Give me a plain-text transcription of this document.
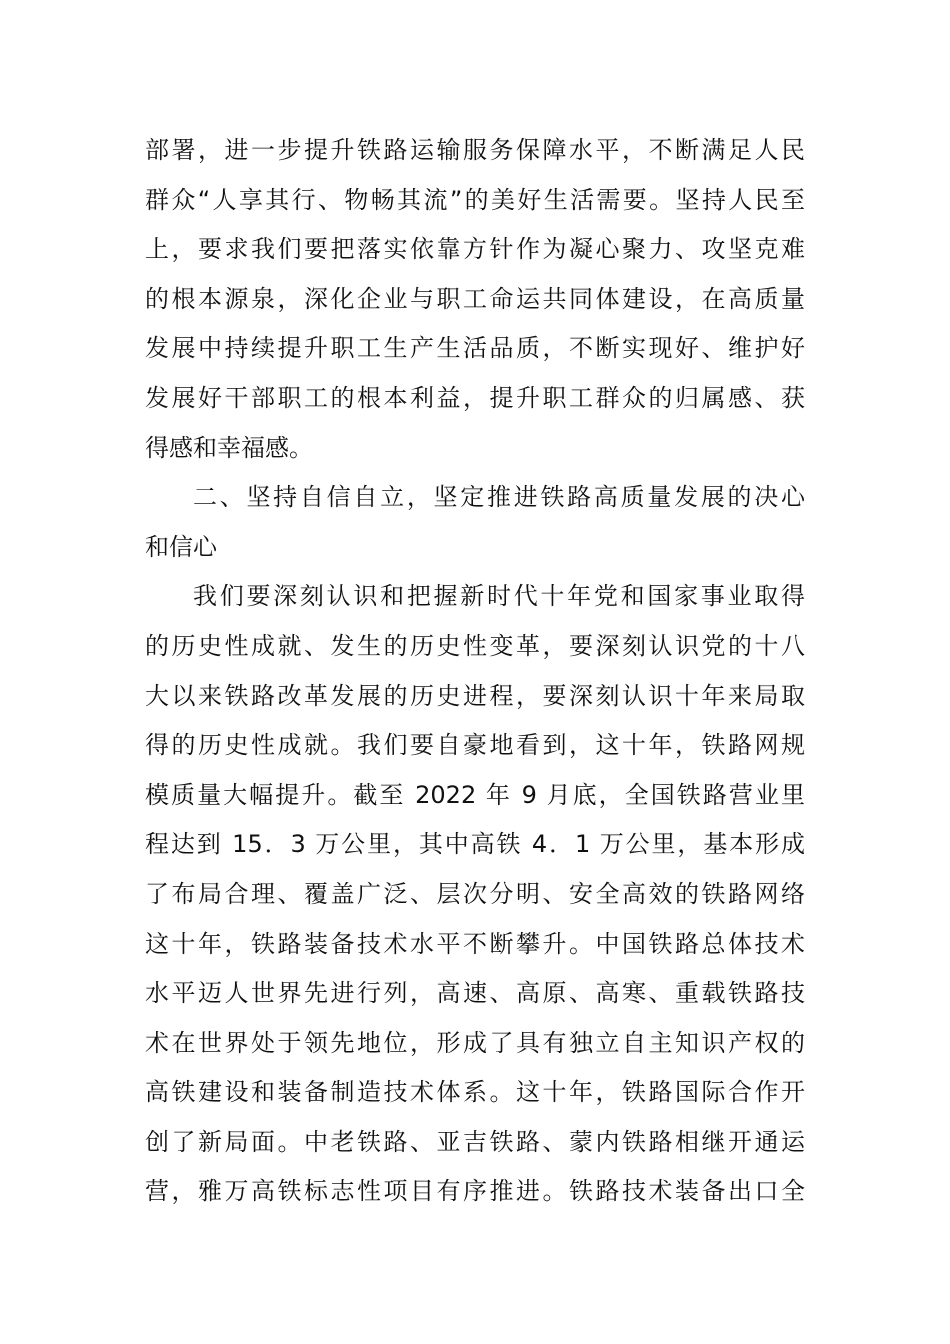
部署，进一步提升铁路运输服务保障水平，不断满足人民
群众“人享其行、物畅其流”的美好生活需要。坚持人民至
上，要求我们要把落实依靠方针作为凝心聚力、攻坚克难
的根本源泉，深化企业与职工命运共同体建设，在高质量
发展中持续提升职工生产生活品质，不断实现好、维护好
发展好干部职工的根本利益，提升职工群众的归属感、获
得感和幸福感。
二、坚持自信自立，坚定推进铁路高质量发展的决心
和信心
我们要深刻认识和把握新时代十年党和国家事业取得
的历史性成就、发生的历史性变革，要深刻认识党的十八
大以来铁路改革发展的历史进程，要深刻认识十年来局取
得的历史性成就。我们要自豪地看到，这十年，铁路网规
模质量大幅提升。截至 2022 年 9 月底，全国铁路营业里
程达到 15．3 万公里，其中高铁 4．1 万公里，基本形成
了布局合理、覆盖广泛、层次分明、安全高效的铁路网络
这十年，铁路装备技术水平不断攀升。中国铁路总体技术
水平迈人世界先进行列，高速、高原、高寒、重载铁路技
术在世界处于领先地位，形成了具有独立自主知识产权的
高铁建设和装备制造技术体系。这十年，铁路国际合作开
创了新局面。中老铁路、亚吉铁路、蒙内铁路相继开通运
营，雅万高铁标志性项目有序推进。铁路技术装备出口全
